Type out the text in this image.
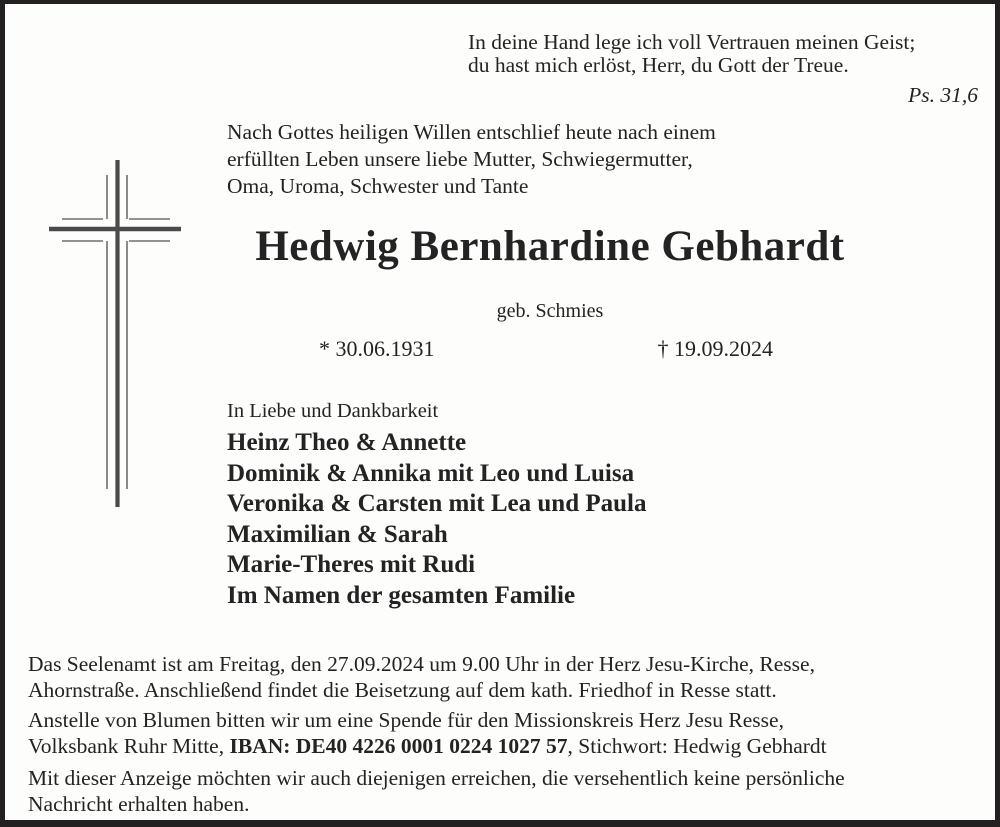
In deine Hand lege ich voll Vertrauen meinen Geist;
du hast mich erlöst, Herr, du Gott der Treue.
Ps. 31,6
Nach Gottes heiligen Willen entschlief heute nach einem
erfüllten Leben unsere liebe Mutter, Schwiegermutter,
Oma, Uroma, Schwester und Tante
Hedwig Bernhardine Gebhardt
geb. Schmies
* 30.06.1931	† 19.09.2024
In Liebe und Dankbarkeit
Heinz Theo & Annette
Dominik & Annika mit Leo und Luisa
Veronika & Carsten mit Lea und Paula
Maximilian & Sarah
Marie-Theres mit Rudi
Im Namen der gesamten Familie
Das Seelenamt ist am Freitag, den 27.09.2024 um 9.00 Uhr in der Herz Jesu-Kirche, Resse,
Ahornstraße. Anschließend findet die Beisetzung auf dem kath. Friedhof in Resse statt.
Anstelle von Blumen bitten wir um eine Spende für den Missionskreis Herz Jesu Resse,
Volksbank Ruhr Mitte, IBAN: DE40 4226 0001 0224 1027 57, Stichwort: Hedwig Gebhardt
Mit dieser Anzeige möchten wir auch diejenigen erreichen, die versehentlich keine persönliche
Nachricht erhalten haben.
